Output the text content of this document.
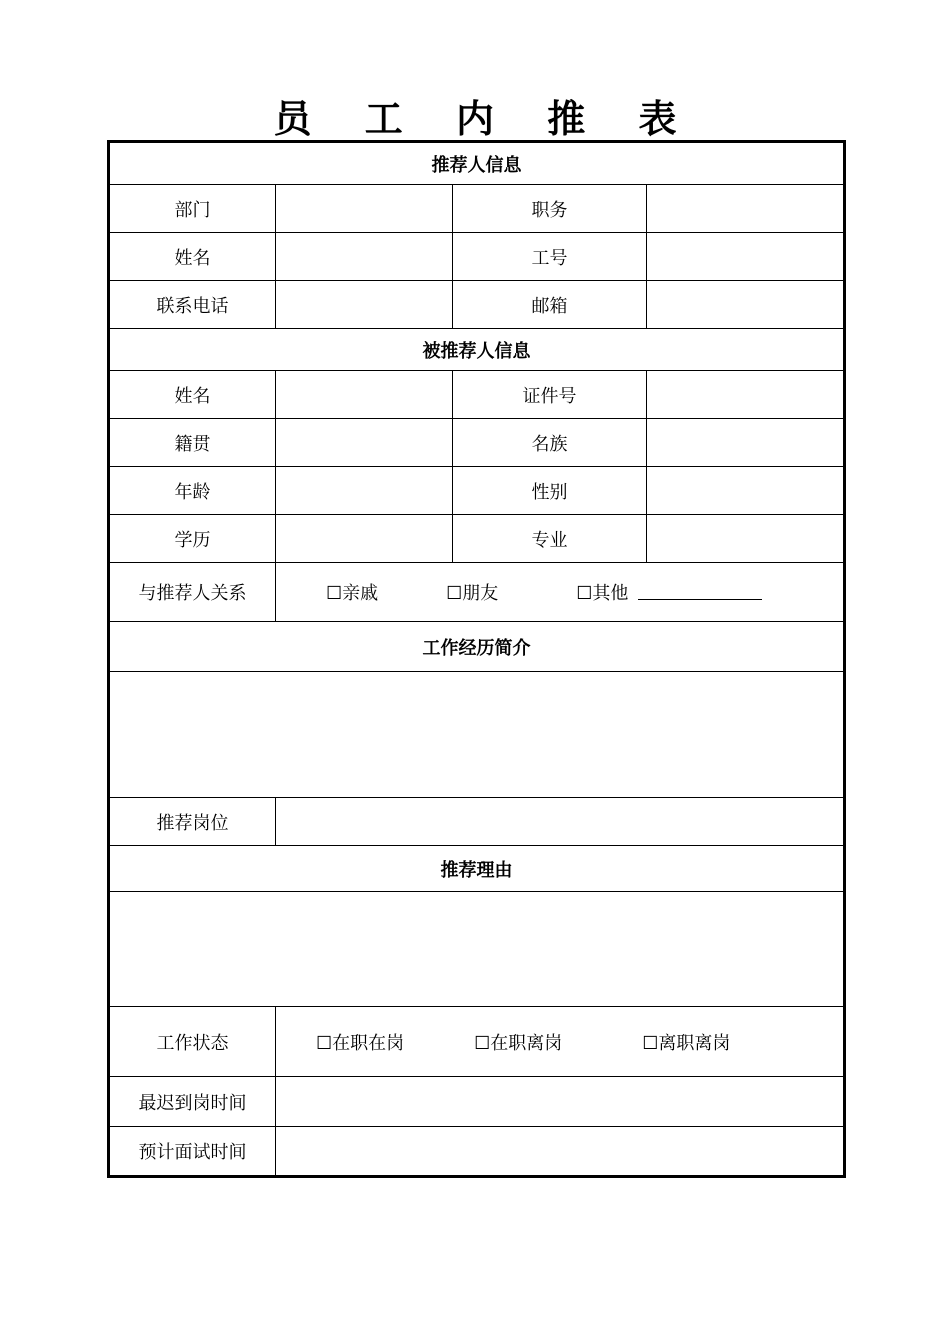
员 工 内 推 表
推荐人信息			
部门		职务	
姓名		工号	
联系电话		邮箱	
被推荐人信息			
姓名		证件号	
籍贯		名族	
年龄		性别	
学历		专业	
与推荐人关系	☐亲戚 ☐朋友 ☐其他		

工作经历简介			

推荐岗位			
推荐理由			

工作状态	☐在职在岗 ☐在职离岗 ☐离职离岗		

最迟到岗时间			
预计面试时间			
